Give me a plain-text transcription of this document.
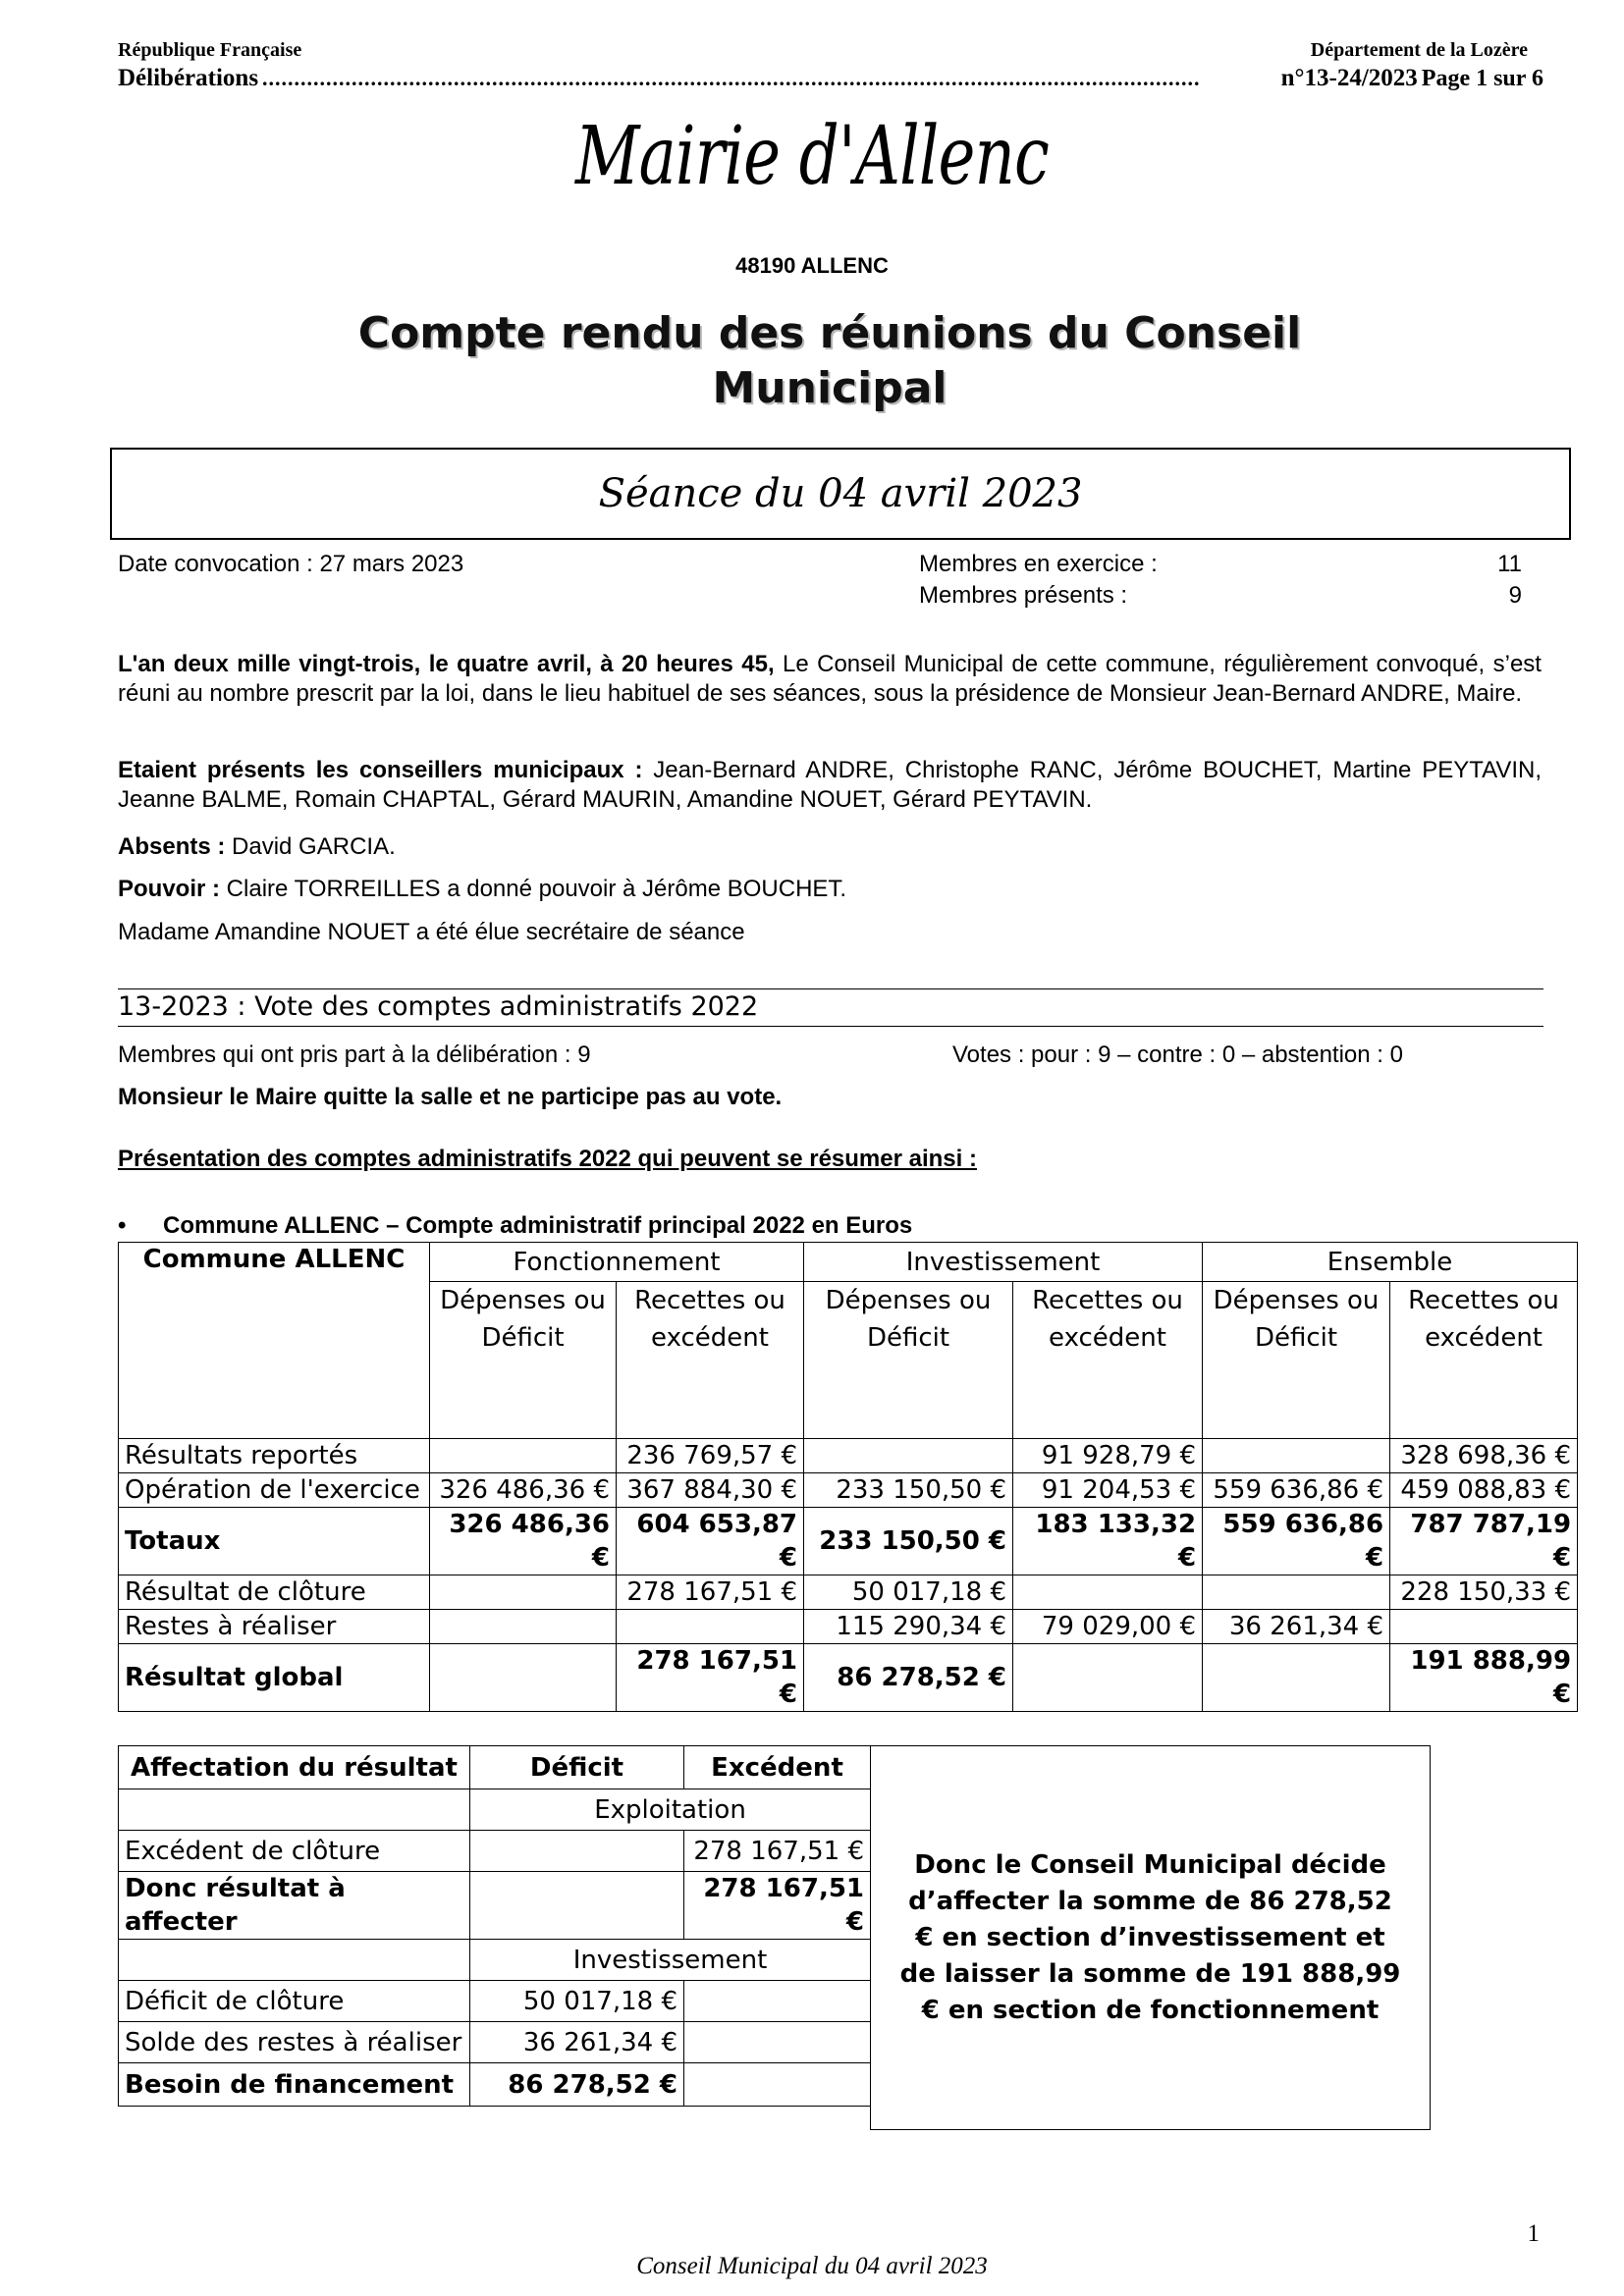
République Française	Département de la Lozère
Délibérations ...................................................................................................................................................	n°13-24/2023 Page 1 sur 6
Mairie d'Allenc
48190 ALLENC
Compte rendu des réunions du Conseil
Municipal
Séance du 04 avril 2023
Date convocation : 27 mars 2023	Membres en exercice :	11
Membres présents :	9
L'an deux mille vingt-trois, le quatre avril, à 20 heures 45, Le Conseil Municipal de cette commune, régulièrement convoqué, s’est réuni au nombre prescrit par la loi, dans le lieu habituel de ses séances, sous la présidence de Monsieur Jean-Bernard ANDRE, Maire.
Etaient présents les conseillers municipaux : Jean-Bernard ANDRE, Christophe RANC, Jérôme BOUCHET, Martine PEYTAVIN, Jeanne BALME, Romain CHAPTAL, Gérard MAURIN, Amandine NOUET, Gérard PEYTAVIN.
Absents : David GARCIA.
Pouvoir : Claire TORREILLES a donné pouvoir à Jérôme BOUCHET.
Madame Amandine NOUET a été élue secrétaire de séance
13-2023 : Vote des comptes administratifs 2022
Membres qui ont pris part à la délibération : 9	Votes : pour : 9 – contre : 0 – abstention : 0
Monsieur le Maire quitte la salle et ne participe pas au vote.
Présentation des comptes administratifs 2022 qui peuvent se résumer ainsi :
• Commune ALLENC – Compte administratif principal 2022 en Euros
Commune ALLENC	Fonctionnement		Investissement		Ensemble	
	Dépenses ou Déficit	Recettes ou excédent	Dépenses ou Déficit	Recettes ou excédent	Dépenses ou Déficit	Recettes ou excédent
Résultats reportés		236 769,57 €		91 928,79 €		328 698,36 €
Opération de l'exercice	326 486,36 €	367 884,30 €	233 150,50 €	91 204,53 €	559 636,86 €	459 088,83 €
Totaux	326 486,36 €	604 653,87 €	233 150,50 €	183 133,32 €	559 636,86 €	787 787,19 €
Résultat de clôture		278 167,51 €	50 017,18 €			228 150,33 €
Restes à réaliser			115 290,34 €	79 029,00 €	36 261,34 €	
Résultat global		278 167,51 €	86 278,52 €			191 888,99 €
Affectation du résultat	Déficit	Excédent	Donc le Conseil Municipal décide d’affecter la somme de 86 278,52 € en section d’investissement et de laisser la somme de 191 888,99 € en section de fonctionnement

	Exploitation		
Excédent de clôture		278 167,51 €	
Donc résultat à affecter		278 167,51 €	
	Investissement		
Déficit de clôture	50 017,18 €		
Solde des restes à réaliser	36 261,34 €		
Besoin de financement	86 278,52 €		

1
Conseil Municipal du 04 avril 2023
